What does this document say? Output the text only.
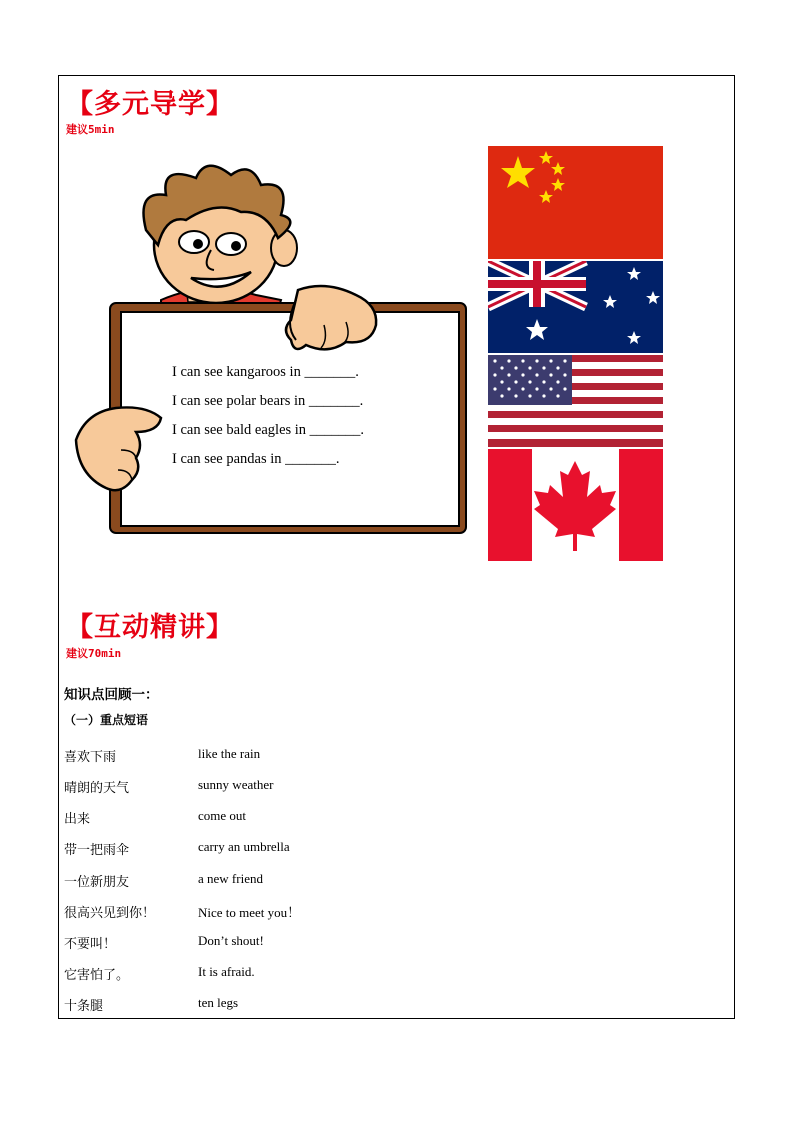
【多元导学】
建议5min
I can see kangaroos in _______.
I can see polar bears in _______.
I can see bald eagles in _______.
I can see pandas in _______.
【互动精讲】
建议70min
知识点回顾一：
（一）重点短语
喜欢下雨	like the rain
晴朗的天气	sunny weather
出来	come out
带一把雨伞	carry an umbrella
一位新朋友	a new friend
很高兴见到你！	Nice to meet you！
不要叫！	Don’t shout!
它害怕了。	It is afraid.
十条腿	ten legs
